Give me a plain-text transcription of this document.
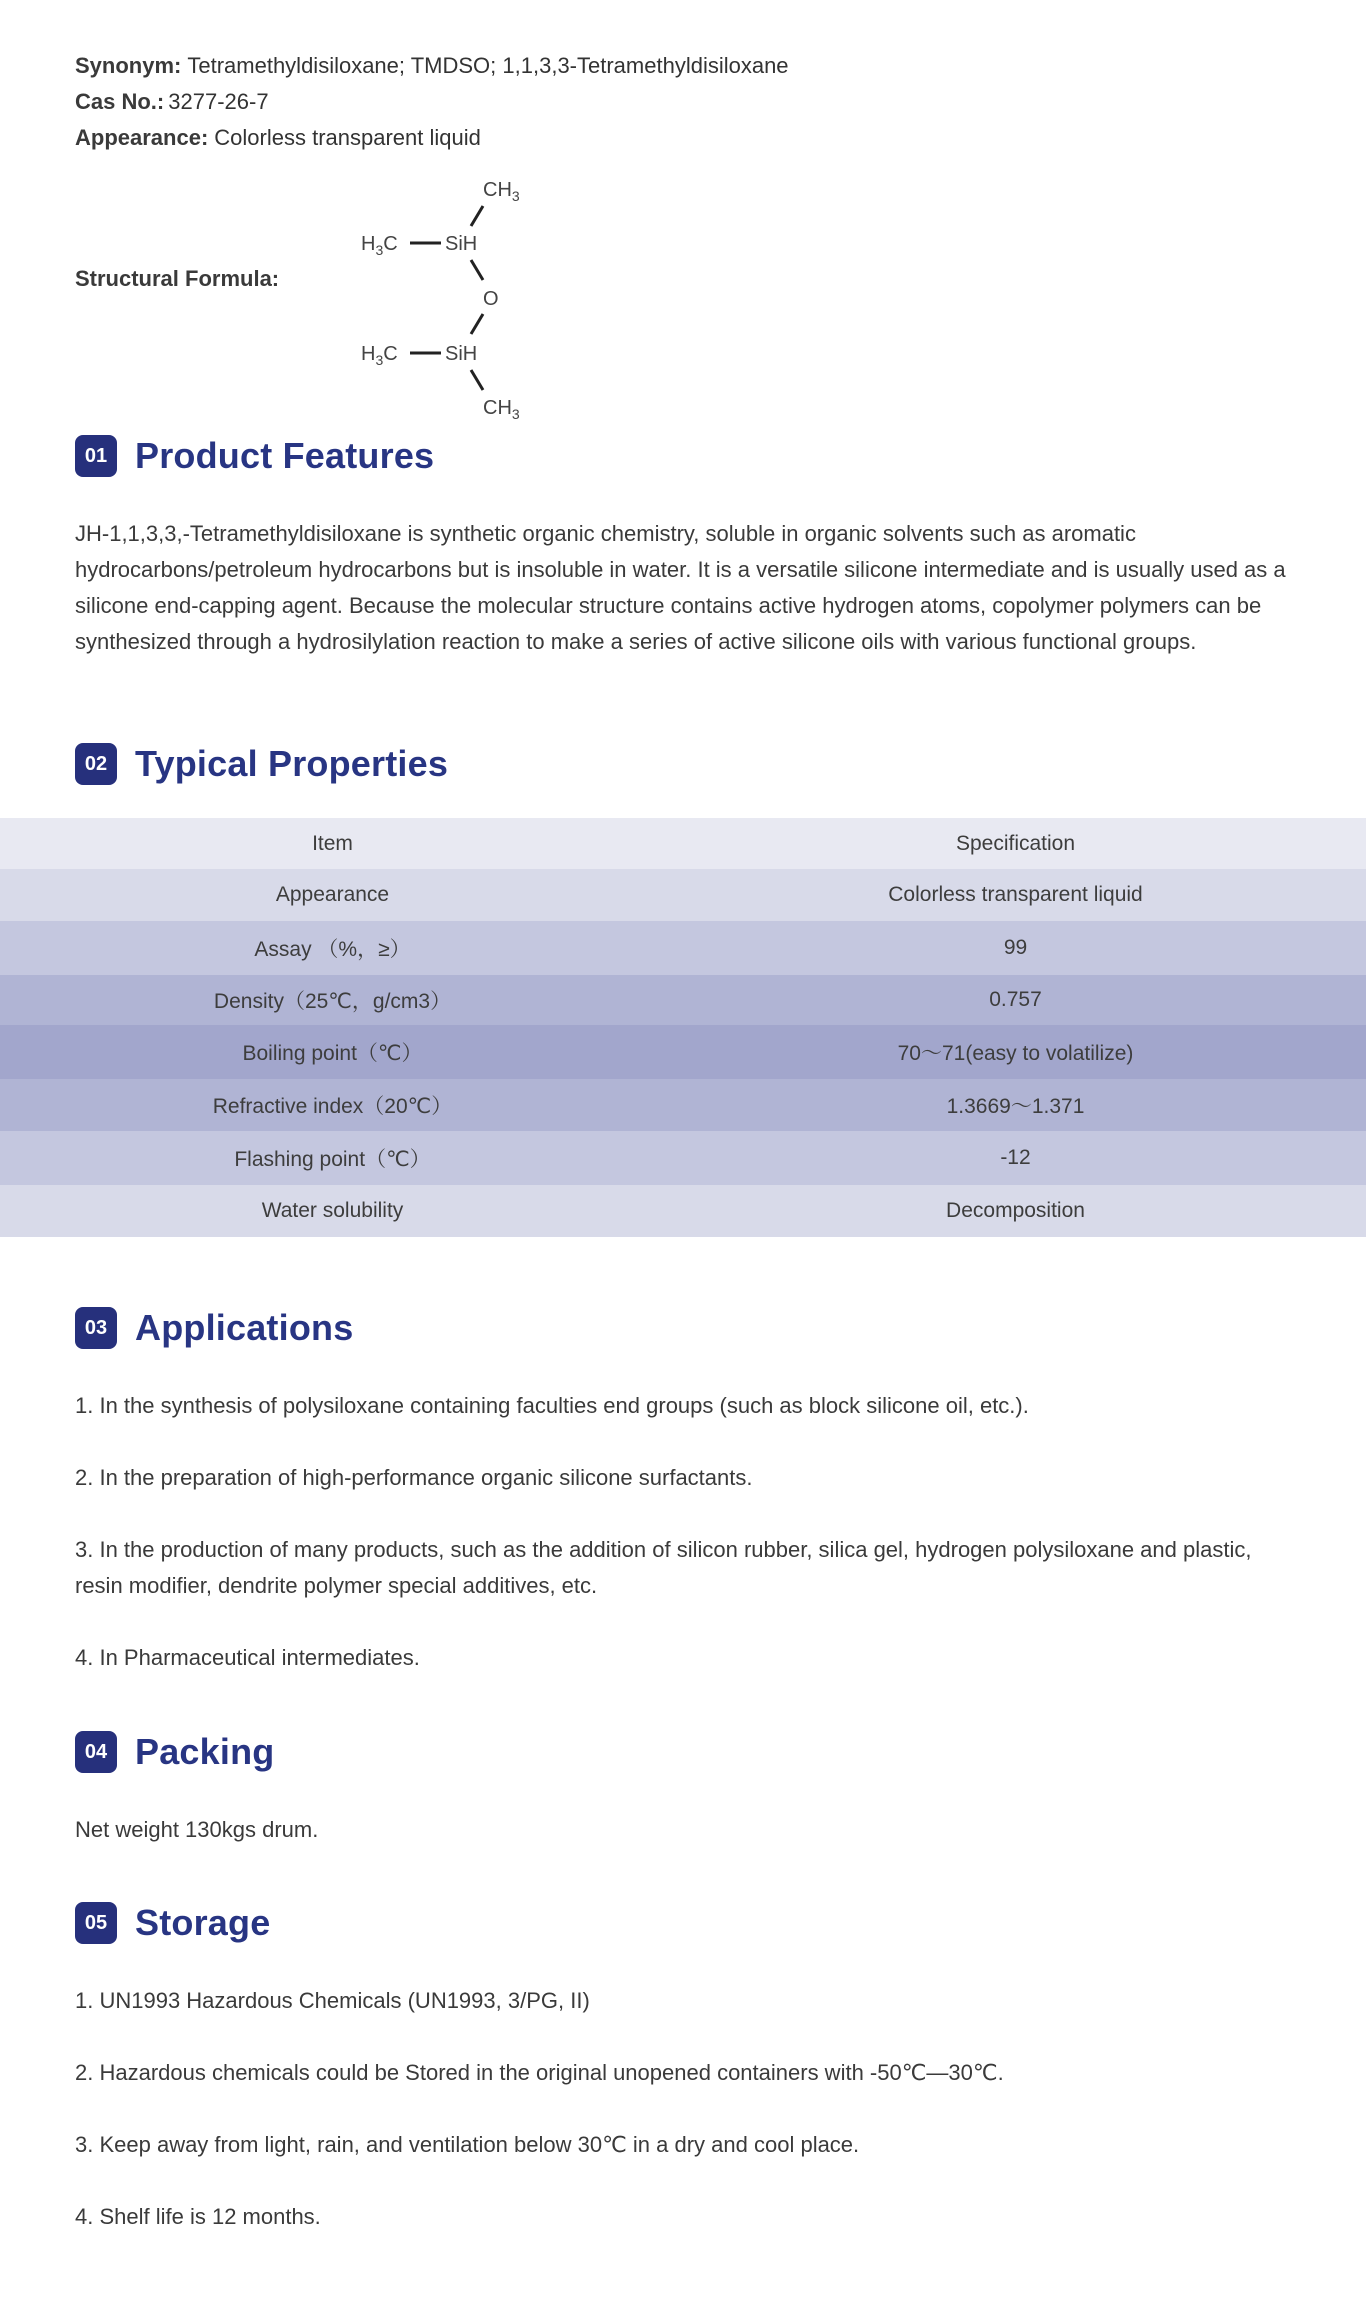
Synonym: Tetramethyldisiloxane; TMDSO; 1,1,3,3-Tetramethyldisiloxane
Cas No.: 3277-26-7
Appearance: Colorless transparent liquid
Structural Formula:
$CH_3$
$H_3C$ SiH
O
$H_3C$ SiH
$CH_3$
01 Product Features
JH-1,1,3,3,-Tetramethyldisiloxane is synthetic organic chemistry, soluble in organic solvents such as aromatic hydrocarbons/petroleum hydrocarbons but is insoluble in water. It is a versatile silicone intermediate and is usually used as a silicone end-capping agent. Because the molecular structure contains active hydrogen atoms, copolymer polymers can be synthesized through a hydrosilylation reaction to make a series of active silicone oils with various functional groups.
02 Typical Properties
Item	Specification
Appearance	Colorless transparent liquid
Assay （%，≥）	99
Density（25℃，g/cm3）	0.757
Boiling point（℃）	70～71(easy to volatilize)
Refractive index（20℃）	1.3669～1.371
Flashing point（℃）	-12
Water solubility	Decomposition
03 Applications

1. In the synthesis of polysiloxane containing faculties end groups (such as block silicone oil, etc.).

2. In the preparation of high-performance organic silicone surfactants.

3. In the production of many products, such as the addition of silicon rubber, silica gel, hydrogen polysiloxane and plastic, resin modifier, dendrite polymer special additives, etc.

4. In Pharmaceutical intermediates.

04 Packing
Net weight 130kgs drum.
05 Storage

1. UN1993 Hazardous Chemicals (UN1993, 3/PG, II)

2. Hazardous chemicals could be Stored in the original unopened containers with -50℃—30℃.

3. Keep away from light, rain, and ventilation below 30℃ in a dry and cool place.

4. Shelf life is 12 months.
